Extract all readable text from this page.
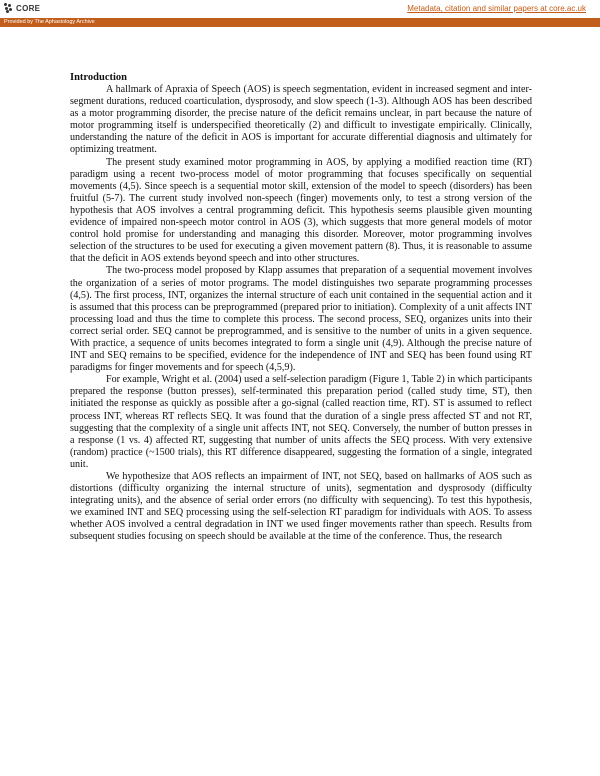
CORE	Metadata, citation and similar papers at core.ac.uk
Provided by The Aphasiology Archive
Introduction

A hallmark of Apraxia of Speech (AOS) is speech segmentation, evident in increased segment and inter-segment durations, reduced coarticulation, dysprosody, and slow speech (1-3). Although AOS has been described as a motor programming disorder, the precise nature of the deficit remains unclear, in part because the nature of motor programming itself is underspecified theoretically (2) and difficult to investigate empirically. Clinically, understanding the nature of the deficit in AOS is important for accurate differential diagnosis and ultimately for optimizing treatment.

The present study examined motor programming in AOS, by applying a modified reaction time (RT) paradigm using a recent two-process model of motor programming that focuses specifically on sequential movements (4,5). Since speech is a sequential motor skill, extension of the model to speech (disorders) has been fruitful (5-7). The current study involved non-speech (finger) movements only, to test a strong version of the hypothesis that AOS involves a central programming deficit. This hypothesis seems plausible given mounting evidence of impaired non-speech motor control in AOS (3), which suggests that more general models of motor control hold promise for understanding and managing this disorder. Moreover, motor programming involves selection of the structures to be used for executing a given movement pattern (8). Thus, it is reasonable to assume that the deficit in AOS extends beyond speech and into other structures.

The two-process model proposed by Klapp assumes that preparation of a sequential movement involves the organization of a series of motor programs. The model distinguishes two separate programming processes (4,5). The first process, INT, organizes the internal structure of each unit contained in the sequential action and it is assumed that this process can be preprogrammed (prepared prior to initiation). Complexity of a unit affects INT processing load and thus the time to complete this process. The second process, SEQ, organizes units into their correct serial order. SEQ cannot be preprogrammed, and is sensitive to the number of units in a given sequence. With practice, a sequence of units becomes integrated to form a single unit (4,9). Although the precise nature of INT and SEQ remains to be specified, evidence for the independence of INT and SEQ has been found using RT paradigms for finger movements and for speech (4,5,9).

For example, Wright et al. (2004) used a self-selection paradigm (Figure 1, Table 2) in which participants prepared the response (button presses), self-terminated this preparation period (called study time, ST), then initiated the response as quickly as possible after a go-signal (called reaction time, RT). ST is assumed to reflect process INT, whereas RT reflects SEQ. It was found that the duration of a single press affected ST and not RT, suggesting that the complexity of a single unit affects INT, not SEQ. Conversely, the number of button presses in a response (1 vs. 4) affected RT, suggesting that number of units affects the SEQ process. With very extensive (random) practice (~1500 trials), this RT difference disappeared, suggesting the formation of a single, integrated unit.

We hypothesize that AOS reflects an impairment of INT, not SEQ, based on hallmarks of AOS such as distortions (difficulty organizing the internal structure of units), segmentation and dysprosody (difficulty integrating units), and the absence of serial order errors (no difficulty with sequencing). To test this hypothesis, we examined INT and SEQ processing using the self-selection RT paradigm for individuals with AOS. To assess whether AOS involved a central degradation in INT we used finger movements rather than speech. Results from subsequent studies focusing on speech should be available at the time of the conference. Thus, the research
